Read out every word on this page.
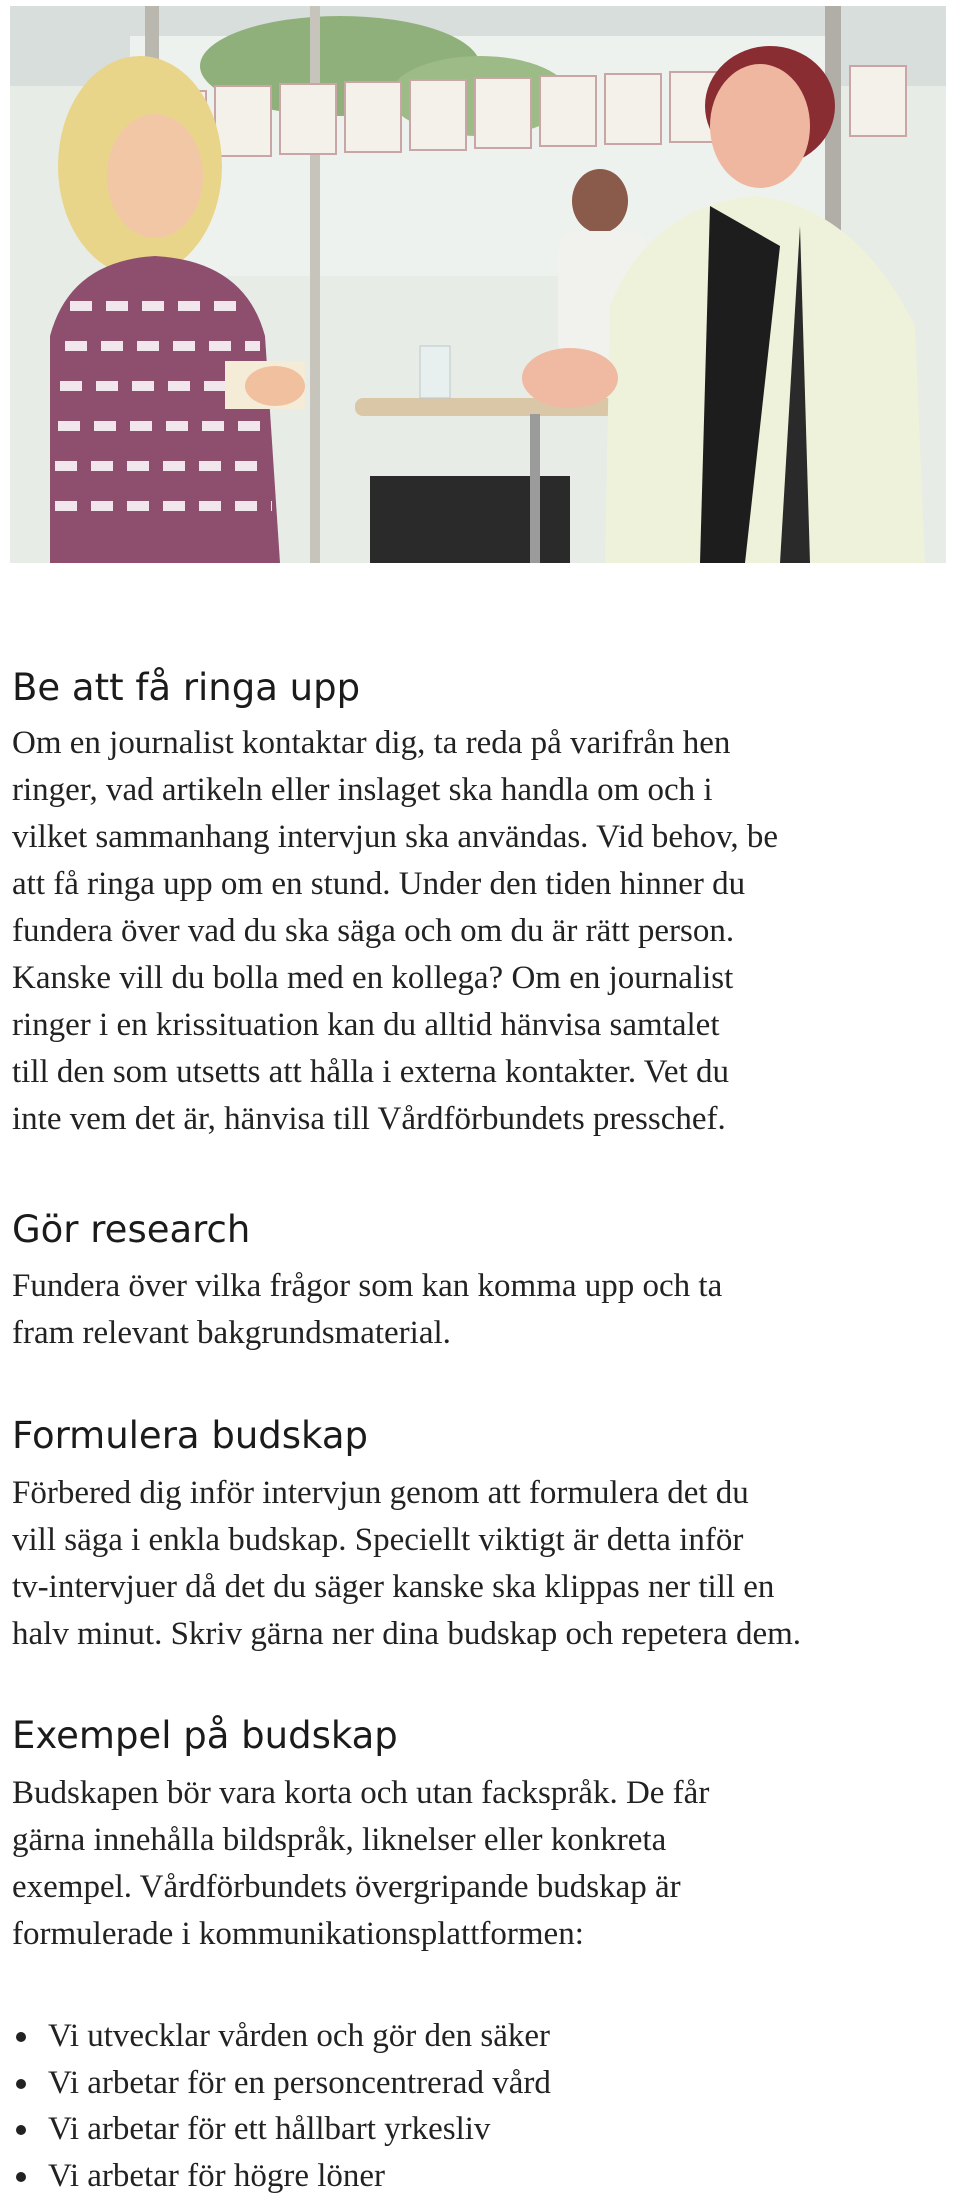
Be att få ringa upp

Om en journalist kontaktar dig, ta reda på varifrån hen
ringer, vad artikeln eller inslaget ska handla om och i
vilket sammanhang intervjun ska användas. Vid behov, be
att få ringa upp om en stund. Under den tiden hinner du
fundera över vad du ska säga och om du är rätt person.
Kanske vill du bolla med en kollega? Om en journalist
ringer i en krissituation kan du alltid hänvisa samtalet
till den som utsetts att hålla i externa kontakter. Vet du
inte vem det är, hänvisa till Vårdförbundets presschef.

Gör research

Fundera över vilka frågor som kan komma upp och ta
fram relevant bakgrundsmaterial.

Formulera budskap

Förbered dig inför intervjun genom att formulera det du
vill säga i enkla budskap. Speciellt viktigt är detta inför
tv-intervjuer då det du säger kanske ska klippas ner till en
halv minut. Skriv gärna ner dina budskap och repetera dem.

Exempel på budskap

Budskapen bör vara korta och utan fackspråk. De får
gärna innehålla bildspråk, liknelser eller konkreta
exempel. Vårdförbundets övergripande budskap är
formulerade i kommunikationsplattformen:

Vi utvecklar vården och gör den säker
Vi arbetar för en personcentrerad vård
Vi arbetar för ett hållbart yrkesliv
Vi arbetar för högre löner
